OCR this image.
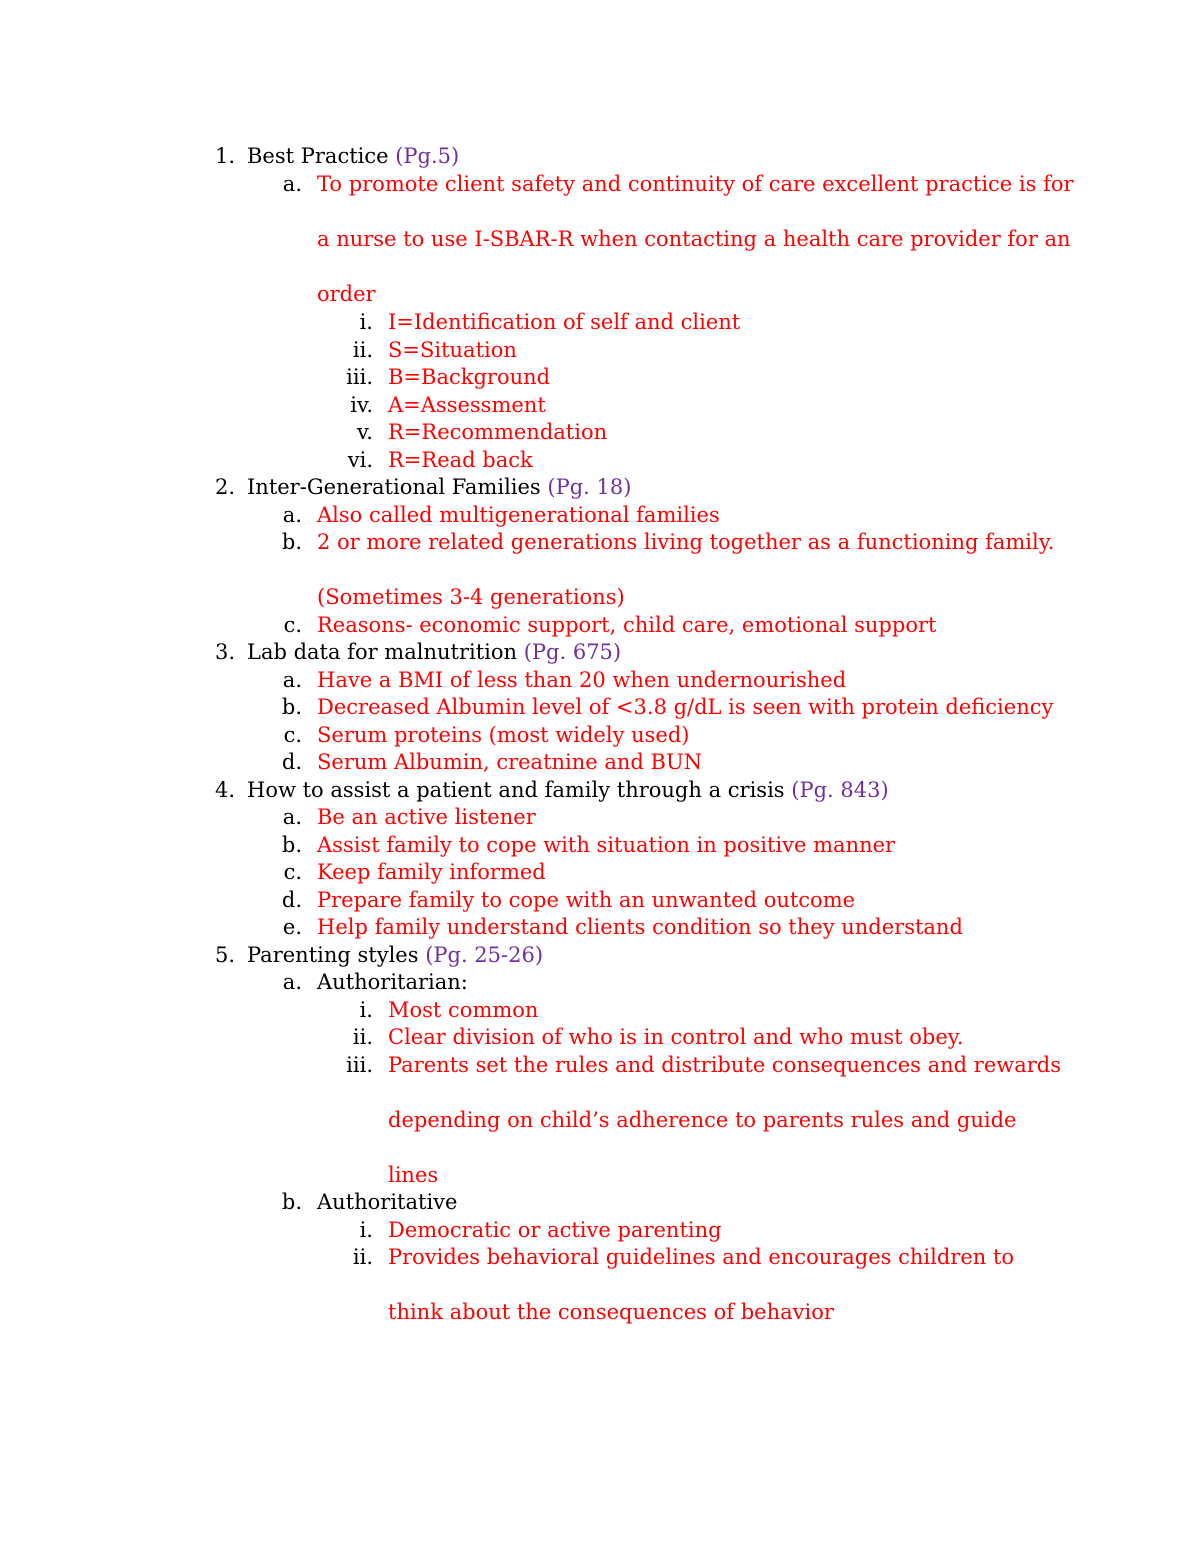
1. Best Practice (Pg.5)
a. To promote client safety and continuity of care excellent practice is for
a nurse to use I-SBAR-R when contacting a health care provider for an
order
i. I=Identification of self and client
ii. S=Situation
iii. B=Background
iv. A=Assessment
v. R=Recommendation
vi. R=Read back
2. Inter-Generational Families (Pg. 18)
a. Also called multigenerational families
b. 2 or more related generations living together as a functioning family.
(Sometimes 3-4 generations)
c. Reasons- economic support, child care, emotional support
3. Lab data for malnutrition (Pg. 675)
a. Have a BMI of less than 20 when undernourished
b. Decreased Albumin level of <3.8 g/dL is seen with protein deficiency
c. Serum proteins (most widely used)
d. Serum Albumin, creatnine and BUN
4. How to assist a patient and family through a crisis (Pg. 843)
a. Be an active listener
b. Assist family to cope with situation in positive manner
c. Keep family informed
d. Prepare family to cope with an unwanted outcome
e. Help family understand clients condition so they understand
5. Parenting styles (Pg. 25-26)
a. Authoritarian:
i. Most common
ii. Clear division of who is in control and who must obey.
iii. Parents set the rules and distribute consequences and rewards
depending on child’s adherence to parents rules and guide
lines
b. Authoritative
i. Democratic or active parenting
ii. Provides behavioral guidelines and encourages children to
think about the consequences of behavior
